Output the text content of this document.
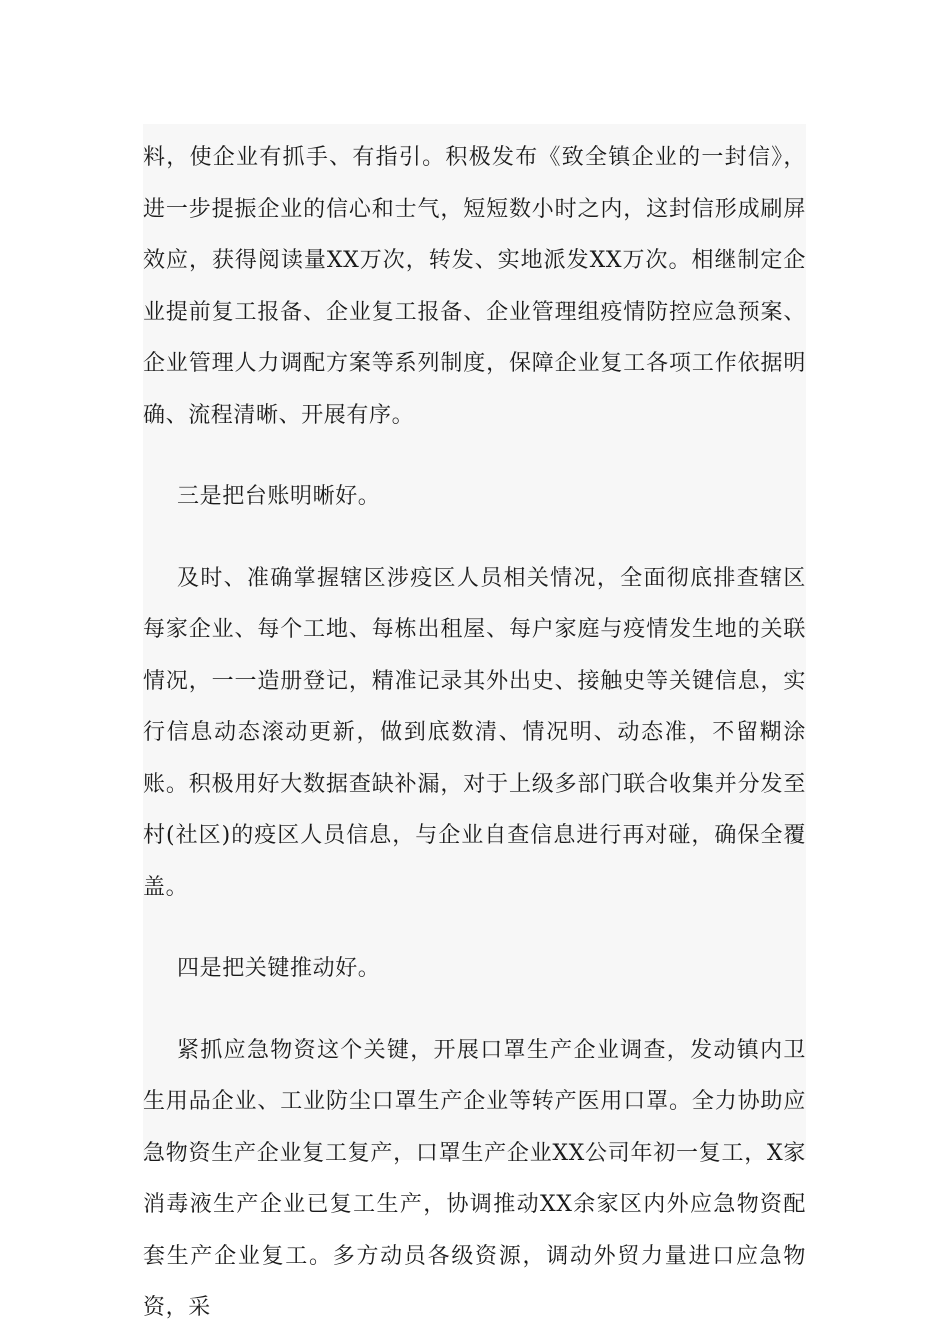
料，使企业有抓手、有指引。积极发布《致全镇企业的一封信》，进一步提振企业的信心和士气，短短数小时之内，这封信形成刷屏效应，获得阅读量XX万次，转发、实地派发XX万次。相继制定企业提前复工报备、企业复工报备、企业管理组疫情防控应急预案、企业管理人力调配方案等系列制度，保障企业复工各项工作依据明确、流程清晰、开展有序。

三是把台账明晰好。

及时、准确掌握辖区涉疫区人员相关情况，全面彻底排查辖区每家企业、每个工地、每栋出租屋、每户家庭与疫情发生地的关联情况，一一造册登记，精准记录其外出史、接触史等关键信息，实行信息动态滚动更新，做到底数清、情况明、动态准，不留糊涂账。积极用好大数据查缺补漏，对于上级多部门联合收集并分发至村(社区)的疫区人员信息，与企业自查信息进行再对碰，确保全覆盖。

四是把关键推动好。

紧抓应急物资这个关键，开展口罩生产企业调查，发动镇内卫生用品企业、工业防尘口罩生产企业等转产医用口罩。全力协助应急物资生产企业复工复产，口罩生产企业XX公司年初一复工，X家消毒液生产企业已复工生产，协调推动XX余家区内外应急物资配套生产企业复工。多方动员各级资源，调动外贸力量进口应急物资，采
